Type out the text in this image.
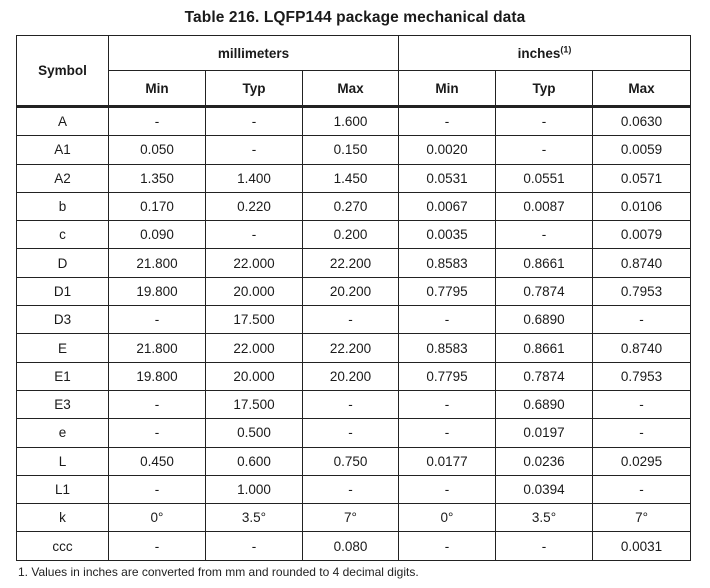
Table 216. LQFP144 package mechanical data
Symbol	millimeters			inches$^{(1)}$
	Min	Typ	Max	Min	Typ	Max
A	-	-	1.600	-	-	0.0630
A1	0.050	-	0.150	0.0020	-	0.0059
A2	1.350	1.400	1.450	0.0531	0.0551	0.0571
b	0.170	0.220	0.270	0.0067	0.0087	0.0106
c	0.090	-	0.200	0.0035	-	0.0079
D	21.800	22.000	22.200	0.8583	0.8661	0.8740
D1	19.800	20.000	20.200	0.7795	0.7874	0.7953
D3	-	17.500	-	-	0.6890	-
E	21.800	22.000	22.200	0.8583	0.8661	0.8740
E1	19.800	20.000	20.200	0.7795	0.7874	0.7953
E3	-	17.500	-	-	0.6890	-
e	-	0.500	-	-	0.0197	-
L	0.450	0.600	0.750	0.0177	0.0236	0.0295
L1	-	1.000	-	-	0.0394	-
k	0°	3.5°	7°	0°	3.5°	7°
ccc	-	-	0.080	-	-	0.0031
1. Values in inches are converted from mm and rounded to 4 decimal digits.
